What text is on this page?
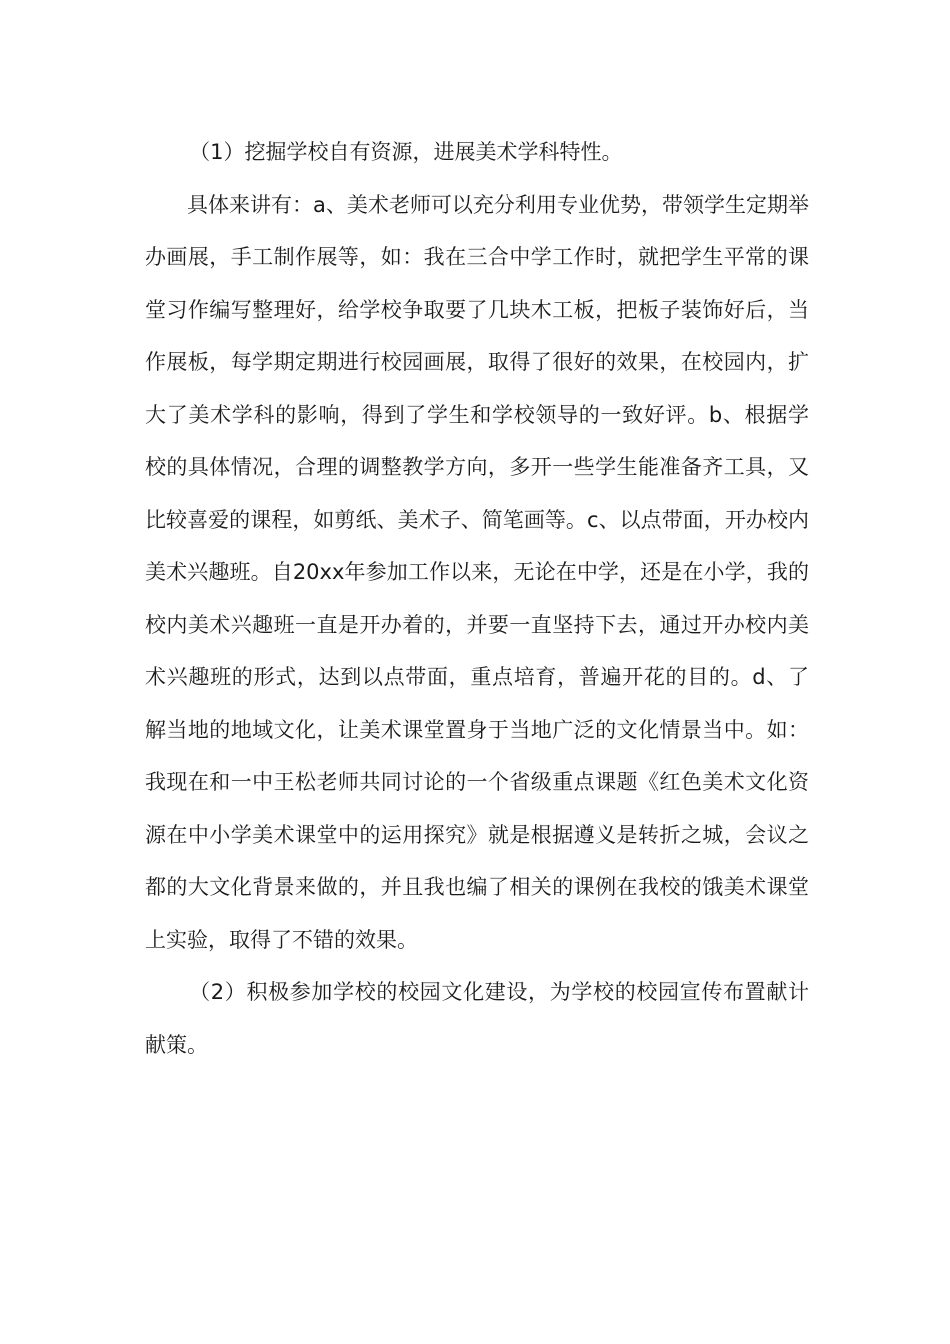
（1）挖掘学校自有资源，进展美术学科特性。

具体来讲有：a、美术老师可以充分利用专业优势，带领学生定期举办画展，手工制作展等，如：我在三合中学工作时，就把学生平常的课堂习作编写整理好，给学校争取要了几块木工板，把板子装饰好后，当作展板，每学期定期进行校园画展，取得了很好的效果，在校园内，扩大了美术学科的影响，得到了学生和学校领导的一致好评。b、根据学校的具体情况，合理的调整教学方向，多开一些学生能准备齐工具，又比较喜爱的课程，如剪纸、美术子、简笔画等。c、以点带面，开办校内美术兴趣班。自20xx年参加工作以来，无论在中学，还是在小学，我的校内美术兴趣班一直是开办着的，并要一直坚持下去，通过开办校内美术兴趣班的形式，达到以点带面，重点培育，普遍开花的目的。d、了解当地的地域文化，让美术课堂置身于当地广泛的文化情景当中。如：我现在和一中王松老师共同讨论的一个省级重点课题《红色美术文化资源在中小学美术课堂中的运用探究》就是根据遵义是转折之城，会议之都的大文化背景来做的，并且我也编了相关的课例在我校的饿美术课堂上实验，取得了不错的效果。

（2）积极参加学校的校园文化建设，为学校的校园宣传布置献计献策。
